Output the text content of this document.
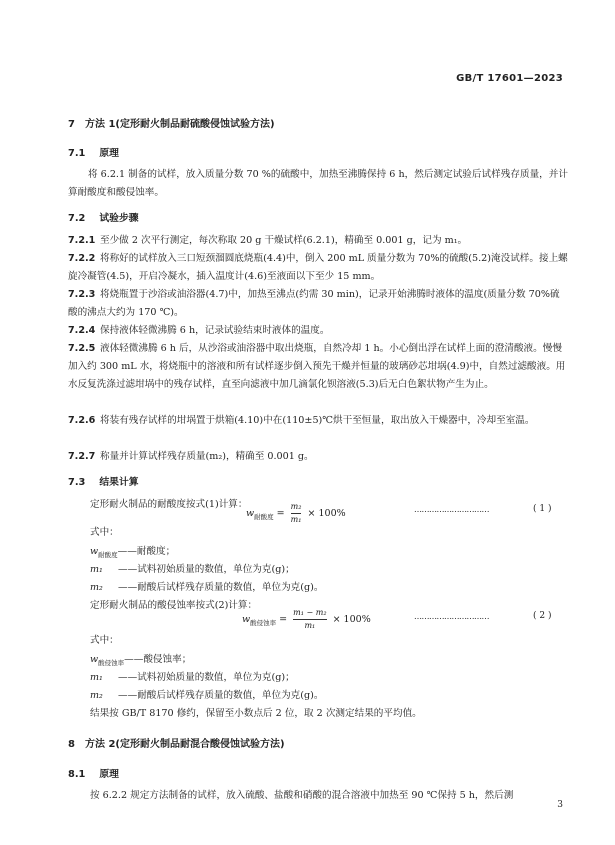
GB/T 17601—2023
7 方法 1(定形耐火制品耐硫酸侵蚀试验方法)
7.1 原理
将 6.2.1 制备的试样，放入质量分数 70 %的硫酸中，加热至沸腾保持 6 h，然后测定试验后试样残存质量，并计算耐酸度和酸侵蚀率。
7.2 试验步骤
7.2.1 至少做 2 次平行测定，每次称取 20 g 干燥试样(6.2.1)，精确至 0.001 g，记为 m₁。
7.2.2 将称好的试样放入三口短颈溜圆底烧瓶(4.4)中，倒入 200 mL 质量分数为 70%的硫酸(5.2)淹没试样。接上螺旋冷凝管(4.5)，开启冷凝水，插入温度计(4.6)至液面以下至少 15 mm。
7.2.3 将烧瓶置于沙浴或油浴器(4.7)中，加热至沸点(约需 30 min)，记录开始沸腾时液体的温度(质量分数 70%硫酸的沸点大约为 170 ℃)。
7.2.4 保持液体轻微沸腾 6 h，记录试验结束时液体的温度。
7.2.5 液体轻微沸腾 6 h 后，从沙浴或油浴器中取出烧瓶，自然冷却 1 h。小心倒出浮在试样上面的澄清酸液。慢慢加入约 300 mL 水，将烧瓶中的溶液和所有试样逐步倒入预先干燥并恒量的玻璃砂芯坩埚(4.9)中，自然过滤酸液。用水反复洗涤过滤坩埚中的残存试样，直至向滤液中加几滴氯化钡溶液(5.3)后无白色絮状物产生为止。
7.2.6 将装有残存试样的坩埚置于烘箱(4.10)中在(110±5)℃烘干至恒量，取出放入干燥器中，冷却至室温。
7.2.7 称量并计算试样残存质量(m₂)，精确至 0.001 g。
7.3 结果计算
定形耐火制品的耐酸度按式(1)计算：
$w_{耐酸度} = \frac{\text{m₂}}{\text{m₁}} \times 100\%$	…………………………	( 1 )
式中：
$w_{耐酸度}——$耐酸度；
m₁ ——试料初始质量的数值，单位为克(g)；
m₂ ——耐酸后试样残存质量的数值，单位为克(g)。
定形耐火制品的酸侵蚀率按式(2)计算：
$w_{酸侵蚀率} = \frac{\text{m₁ − m₂}}{\text{m₁}} \times 100\%$	…………………………	( 2 )
式中：
$w_{酸侵蚀率}——$酸侵蚀率；
m₁ ——试料初始质量的数值，单位为克(g)；
m₂ ——耐酸后试样残存质量的数值，单位为克(g)。
结果按 GB/T 8170 修约，保留至小数点后 2 位，取 2 次测定结果的平均值。
8 方法 2(定形耐火制品耐混合酸侵蚀试验方法)
8.1 原理
按 6.2.2 规定方法制备的试样，放入硫酸、盐酸和硝酸的混合溶液中加热至 90 ℃保持 5 h，然后测
3
